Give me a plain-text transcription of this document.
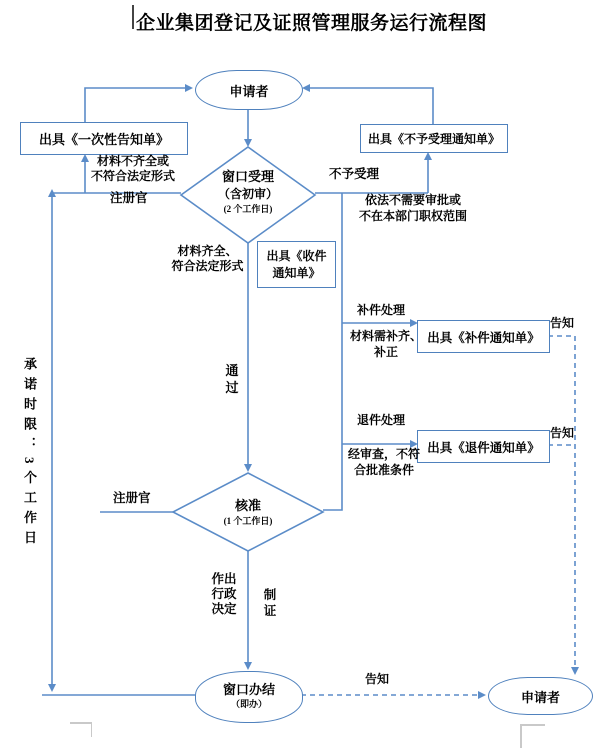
企业集团登记及证照管理服务运行流程图
申请者
出具《一次性告知单》	出具《不予受理通知单》
窗口受理
（含初审）
(2 个工作日)
出具《收件
通知单》
出具《补件通知单》
出具《退件通知单》
核准
(1 个工作日)
窗口办结
（即办）	申请者
材料不齐全或
不符合法定形式
注册官
不予受理
依法不需要审批或
不在本部门职权范围
材料齐全、
符合法定形式
通
过
补件处理
材料需补齐、
补正
告知
退件处理
经审查，不符
合批准条件
告知
注册官
作出
行政
决定
制
证
告知
承诺时限：3个工作日
